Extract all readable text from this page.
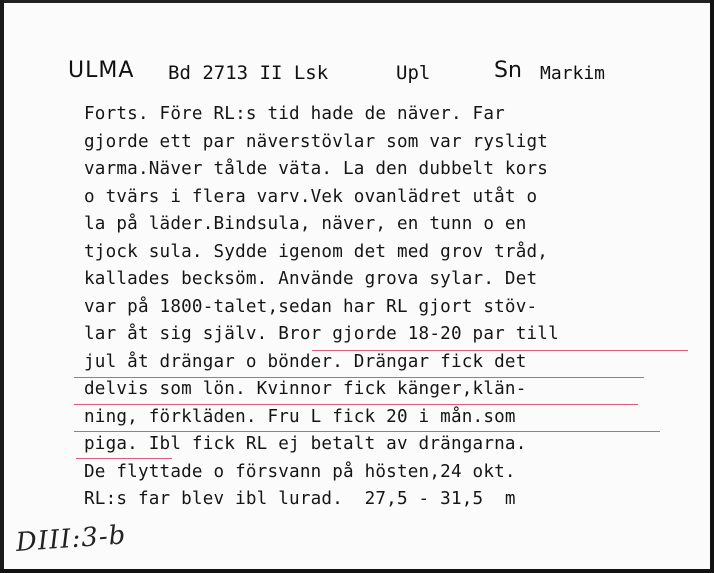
ULMA Bd 2713 II Lsk	Upl	Sn Markim
Forts. Före RL:s tid hade de näver. Far
gjorde ett par näverstövlar som var rysligt
varma.Näver tålde väta. La den dubbelt kors
o tvärs i flera varv.Vek ovanlädret utåt o
la på läder.Bindsula, näver, en tunn o en
tjock sula. Sydde igenom det med grov tråd,
kallades becksöm. Använde grova sylar. Det
var på 1800-talet,sedan har RL gjort stöv-
lar åt sig själv. Bror gjorde 18-20 par till
jul åt drängar o bönder. Drängar fick det
delvis som lön. Kvinnor fick känger,klän-
ning, förkläden. Fru L fick 20 i mån.som
piga. Ibl fick RL ej betalt av drängarna.
De flyttade o försvann på hösten,24 okt.
RL:s far blev ibl lurad.  27,5 - 31,5  m
DIII:3-b
